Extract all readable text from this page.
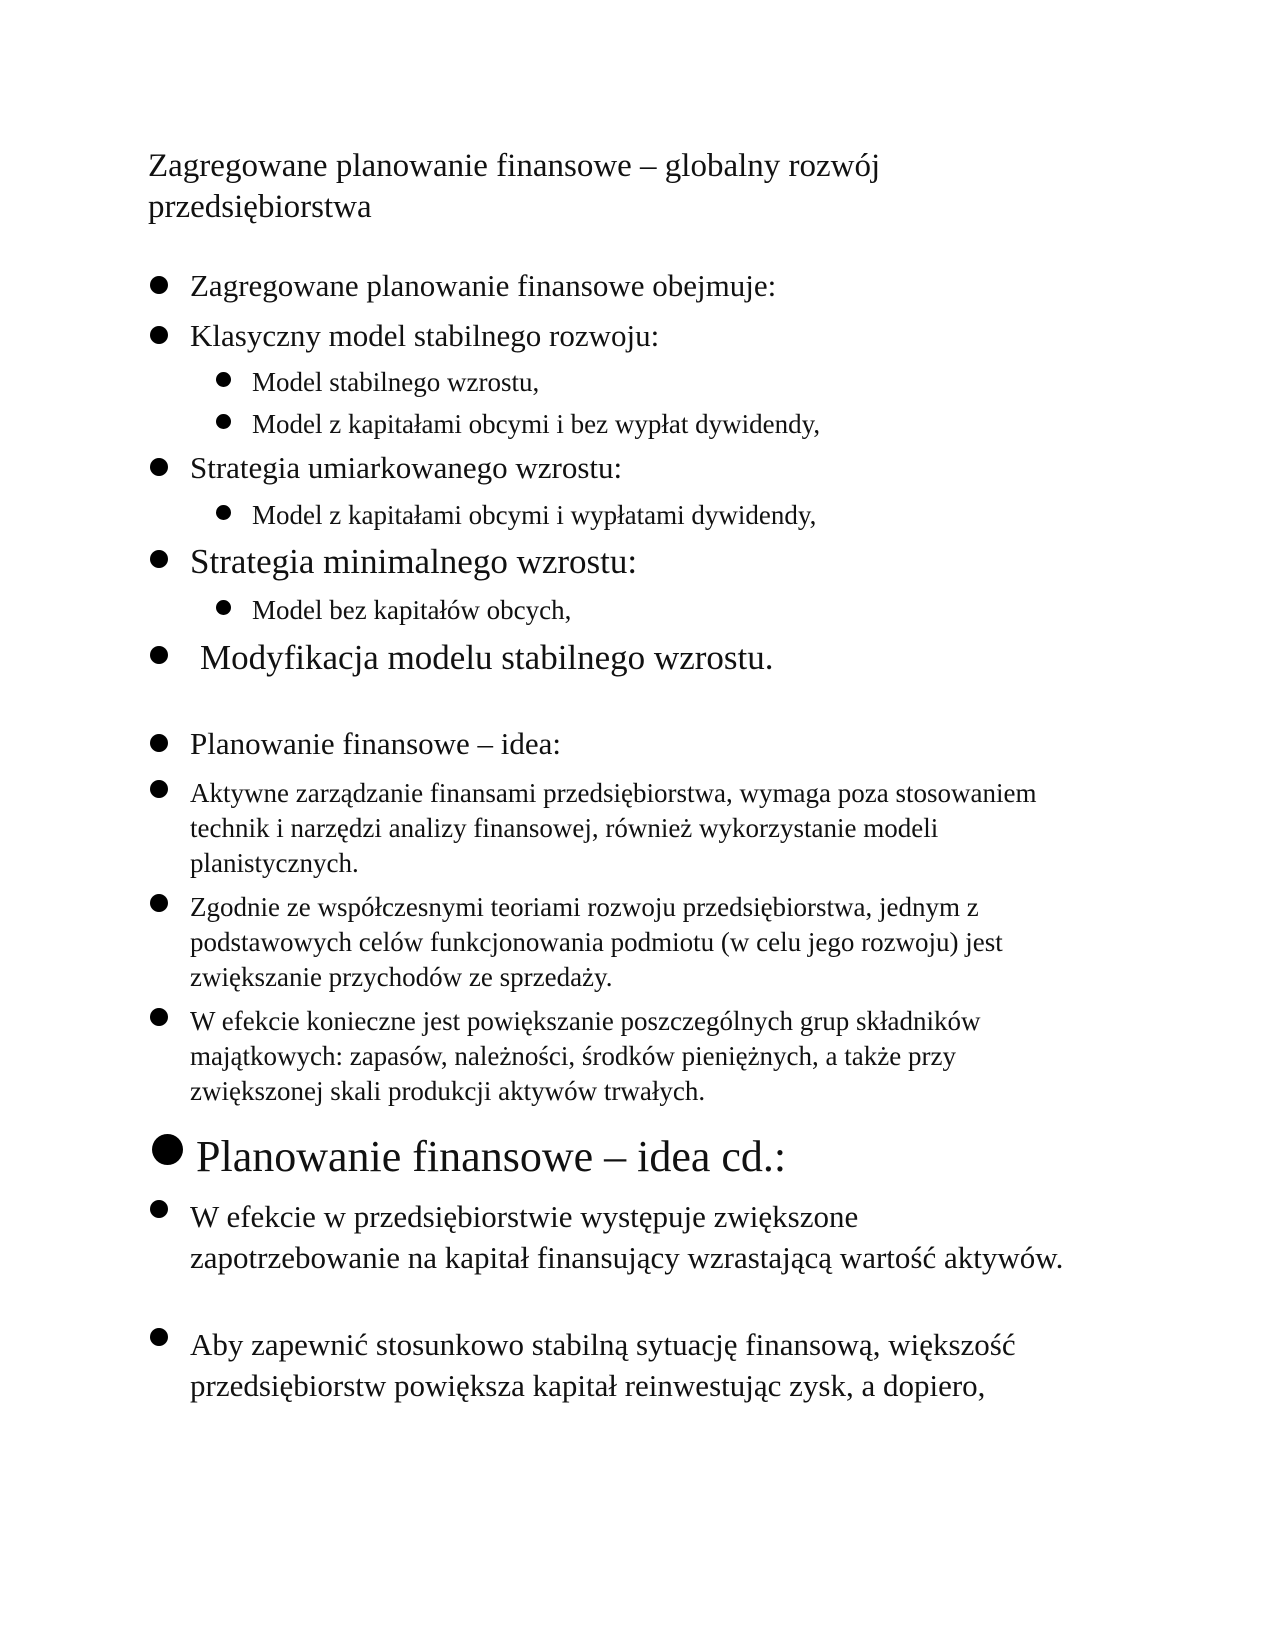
Zagregowane planowanie finansowe – globalny rozwój przedsiębiorstwa
Zagregowane planowanie finansowe obejmuje:
Klasyczny model stabilnego rozwoju:
Model stabilnego wzrostu,
Model z kapitałami obcymi i bez wypłat dywidendy,
Strategia umiarkowanego wzrostu:
Model z kapitałami obcymi i wypłatami dywidendy,
Strategia minimalnego wzrostu:
Model bez kapitałów obcych,
Modyfikacja modelu stabilnego wzrostu.
Planowanie finansowe – idea:
Aktywne zarządzanie finansami przedsiębiorstwa, wymaga poza stosowaniem technik i narzędzi analizy finansowej, również wykorzystanie modeli planistycznych.
Zgodnie ze współczesnymi teoriami rozwoju przedsiębiorstwa, jednym z podstawowych celów funkcjonowania podmiotu (w celu jego rozwoju) jest zwiększanie przychodów ze sprzedaży.
W efekcie konieczne jest powiększanie poszczególnych grup składników majątkowych: zapasów, należności, środków pieniężnych, a także przy zwiększonej skali produkcji aktywów trwałych.
Planowanie finansowe – idea cd.:
W efekcie w przedsiębiorstwie występuje zwiększone zapotrzebowanie na kapitał finansujący wzrastającą wartość aktywów.
Aby zapewnić stosunkowo stabilną sytuację finansową, większość przedsiębiorstw powiększa kapitał reinwestując zysk, a dopiero,
